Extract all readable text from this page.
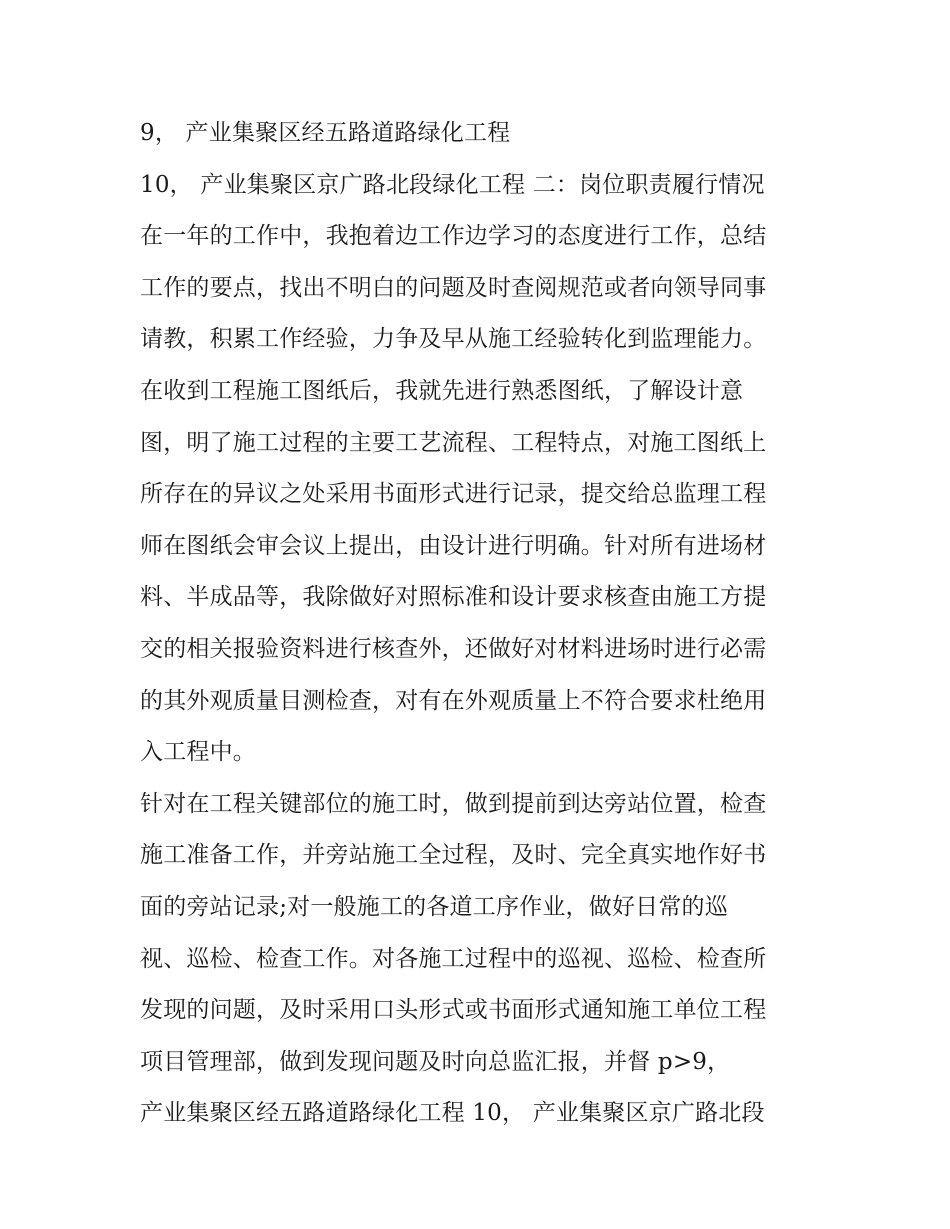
9， 产业集聚区经五路道路绿化工程
10， 产业集聚区京广路北段绿化工程 二：岗位职责履行情况
在一年的工作中，我抱着边工作边学习的态度进行工作，总结
工作的要点，找出不明白的问题及时查阅规范或者向领导同事
请教，积累工作经验，力争及早从施工经验转化到监理能力。
在收到工程施工图纸后，我就先进行熟悉图纸，了解设计意
图，明了施工过程的主要工艺流程、工程特点，对施工图纸上
所存在的异议之处采用书面形式进行记录，提交给总监理工程
师在图纸会审会议上提出，由设计进行明确。针对所有进场材
料、半成品等，我除做好对照标准和设计要求核查由施工方提
交的相关报验资料进行核查外，还做好对材料进场时进行必需
的其外观质量目测检查，对有在外观质量上不符合要求杜绝用
入工程中。
针对在工程关键部位的施工时，做到提前到达旁站位置，检查
施工准备工作，并旁站施工全过程，及时、完全真实地作好书
面的旁站记录;对一般施工的各道工序作业，做好日常的巡
视、巡检、检查工作。对各施工过程中的巡视、巡检、检查所
发现的问题，及时采用口头形式或书面形式通知施工单位工程
项目管理部，做到发现问题及时向总监汇报，并督 p>9，
产业集聚区经五路道路绿化工程 10， 产业集聚区京广路北段
